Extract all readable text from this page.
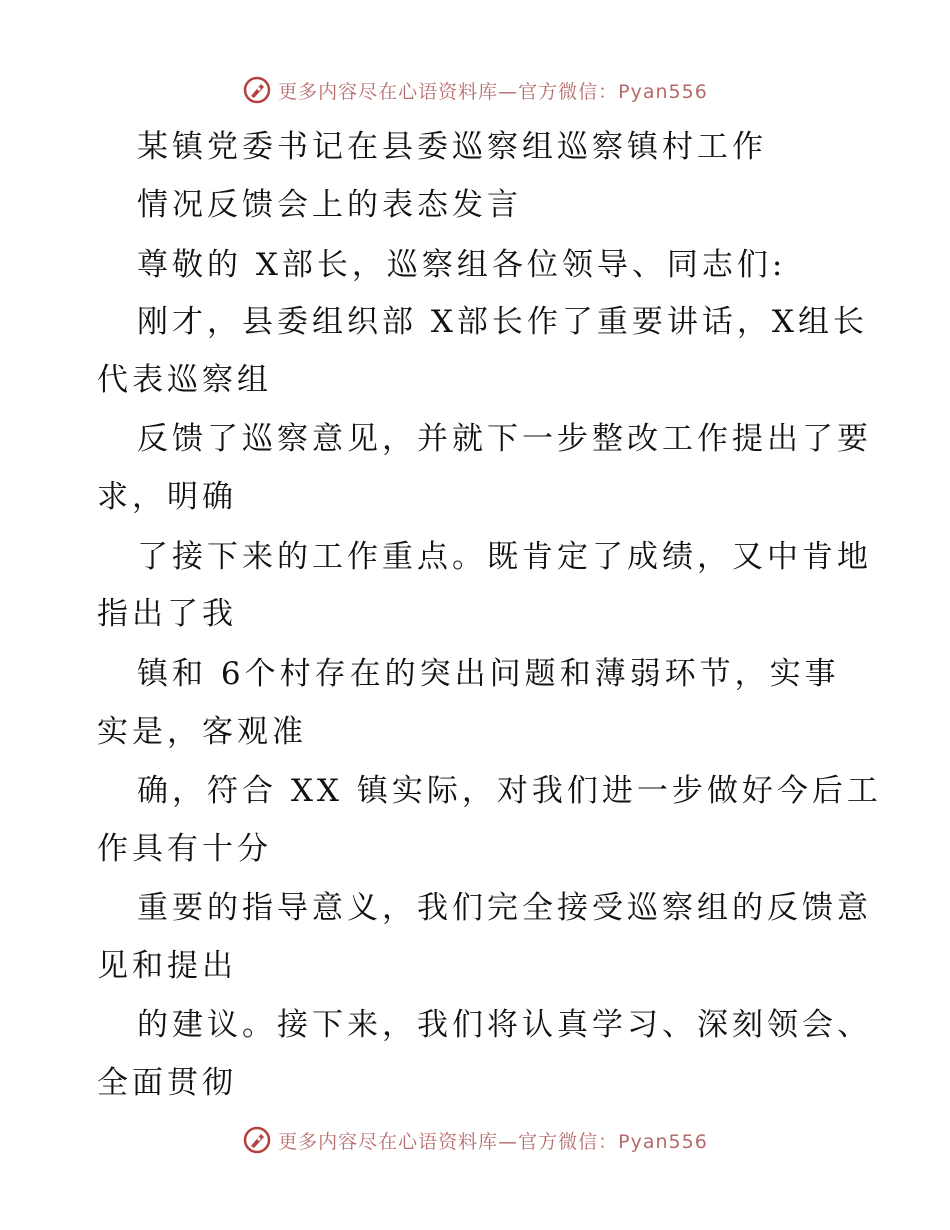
更多内容尽在心语资料库—官方微信：Pyan556
某镇党委书记在县委巡察组巡察镇村工作
情况反馈会上的表态发言
尊敬的 X部长，巡察组各位领导、同志们:
刚才，县委组织部 X部长作了重要讲话，X组长
代表巡察组
反馈了巡察意见，并就下一步整改工作提出了要
求，明确
了接下来的工作重点。既肯定了成绩，又中肯地
指出了我
镇和 6个村存在的突出问题和薄弱环节，实事
实是，客观准
确，符合 XX 镇实际，对我们进一步做好今后工
作具有十分
重要的指导意义，我们完全接受巡察组的反馈意
见和提出
的建议。接下来，我们将认真学习、深刻领会、
全面贯彻
更多内容尽在心语资料库—官方微信：Pyan556
